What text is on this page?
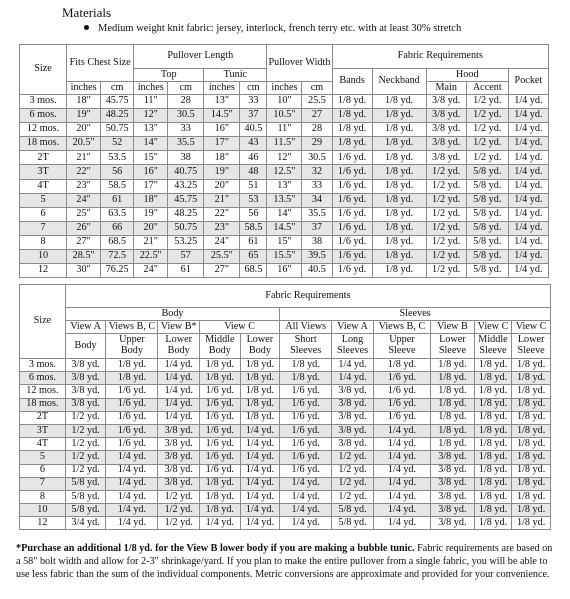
Materials
Medium weight knit fabric: jersey, interlock, french terry etc. with at least 30% stretch
Size	Fits Chest Size		Pullover Length				Pullover Width		Fabric Requirements				
			Top		Tunic				Bands	Neckband	Hood		Pocket
	inches	cm	inches	cm	inches	cm	inches	cm			Main	Accent	
3 mos.	18"	45.75	11"	28	13"	33	10"	25.5	1/8 yd.	1/8 yd.	3/8 yd.	1/2 yd.	1/4 yd.
6 mos.	19"	48.25	12"	30.5	14.5"	37	10.5"	27	1/8 yd.	1/8 yd.	3/8 yd.	1/2 yd.	1/4 yd.
12 mos.	20"	50.75	13"	33	16"	40.5	11"	28	1/8 yd.	1/8 yd.	3/8 yd.	1/2 yd.	1/4 yd.
18 mos.	20.5"	52	14"	35.5	17"	43	11.5"	29	1/8 yd.	1/8 yd.	3/8 yd.	1/2 yd.	1/4 yd.
2T	21"	53.5	15"	38	18"	46	12"	30.5	1/6 yd.	1/8 yd.	3/8 yd.	1/2 yd.	1/4 yd.
3T	22"	56	16"	40.75	19"	48	12.5"	32	1/6 yd.	1/8 yd.	1/2 yd.	5/8 yd.	1/4 yd.
4T	23"	58.5	17"	43.25	20"	51	13"	33	1/6 yd.	1/8 yd.	1/2 yd.	5/8 yd.	1/4 yd.
5	24"	61	18"	45.75	21"	53	13.5"	34	1/6 yd.	1/8 yd.	1/2 yd.	5/8 yd.	1/4 yd.
6	25"	63.5	19"	48.25	22"	56	14"	35.5	1/6 yd.	1/8 yd.	1/2 yd.	5/8 yd.	1/4 yd.
7	26"	66	20"	50.75	23"	58.5	14.5"	37	1/6 yd.	1/8 yd.	1/2 yd.	5/8 yd.	1/4 yd.
8	27"	68.5	21"	53.25	24"	61	15"	38	1/6 yd.	1/8 yd.	1/2 yd.	5/8 yd.	1/4 yd.
10	28.5"	72.5	22.5"	57	25.5"	65	15.5"	39.5	1/6 yd.	1/8 yd.	1/2 yd.	5/8 yd.	1/4 yd.
12	30"	76.25	24"	61	27"	68.5	16"	40.5	1/6 yd.	1/8 yd.	1/2 yd.	5/8 yd.	1/4 yd.
Size	Fabric Requirements										
	Body					Sleeves					
	View A	Views B, C	View B*	View C		All Views	View A	Views B, C	View B	View C	View C
	Body	Upper Body	Lower Body	Middle Body	Lower Body	Short Sleeves	Long Sleeves	Upper Sleeve	Lower Sleeve	Middle Sleeve	Lower Sleeve
3 mos.	3/8 yd.	1/8 yd.	1/4 yd.	1/8 yd.	1/8 yd.	1/8 yd.	1/4 yd.	1/8 yd.	1/8 yd.	1/8 yd.	1/8 yd.
6 mos.	3/8 yd.	1/8 yd.	1/4 yd.	1/8 yd.	1/8 yd.	1/8 yd.	1/4 yd.	1/6 yd.	1/8 yd.	1/8 yd.	1/8 yd.
12 mos.	3/8 yd.	1/6 yd.	1/4 yd.	1/6 yd.	1/8 yd.	1/6 yd.	3/8 yd.	1/6 yd.	1/8 yd.	1/8 yd.	1/8 yd.
18 mos.	3/8 yd.	1/6 yd.	1/4 yd.	1/6 yd.	1/8 yd.	1/6 yd.	3/8 yd.	1/6 yd.	1/8 yd.	1/8 yd.	1/8 yd.
2T	1/2 yd.	1/6 yd.	1/4 yd.	1/6 yd.	1/8 yd.	1/6 yd.	3/8 yd.	1/6 yd.	1/8 yd.	1/8 yd.	1/8 yd.
3T	1/2 yd.	1/6 yd.	3/8 yd.	1/6 yd.	1/4 yd.	1/6 yd.	3/8 yd.	1/4 yd.	1/8 yd.	1/8 yd.	1/8 yd.
4T	1/2 yd.	1/6 yd.	3/8 yd.	1/6 yd.	1/4 yd.	1/6 yd.	3/8 yd.	1/4 yd.	1/8 yd.	1/8 yd.	1/8 yd.
5	1/2 yd.	1/4 yd.	3/8 yd.	1/6 yd.	1/4 yd.	1/6 yd.	1/2 yd.	1/4 yd.	3/8 yd.	1/8 yd.	1/8 yd.
6	1/2 yd.	1/4 yd.	3/8 yd.	1/6 yd.	1/4 yd.	1/6 yd.	1/2 yd.	1/4 yd.	3/8 yd.	1/8 yd.	1/8 yd.
7	5/8 yd.	1/4 yd.	3/8 yd.	1/8 yd.	1/4 yd.	1/4 yd.	1/2 yd.	1/4 yd.	3/8 yd.	1/8 yd.	1/8 yd.
8	5/8 yd.	1/4 yd.	1/2 yd.	1/8 yd.	1/4 yd.	1/4 yd.	1/2 yd.	1/4 yd.	3/8 yd.	1/8 yd.	1/8 yd.
10	5/8 yd.	1/4 yd.	1/2 yd.	1/8 yd.	1/4 yd.	1/4 yd.	5/8 yd.	1/4 yd.	3/8 yd.	1/8 yd.	1/8 yd.
12	3/4 yd.	1/4 yd.	1/2 yd.	1/4 yd.	1/4 yd.	1/4 yd.	5/8 yd.	1/4 yd.	3/8 yd.	1/8 yd.	1/8 yd.
*Purchase an additional 1/8 yd. for the View B lower body if you are making a bubble tunic. Fabric requirements are based on a 58" bolt width and allow for 2-3" shrinkage/yard. If you plan to make the entire pullover from a single fabric, you will be able to use less fabric than the sum of the individual components. Metric conversions are approximate and provided for your convenience.
